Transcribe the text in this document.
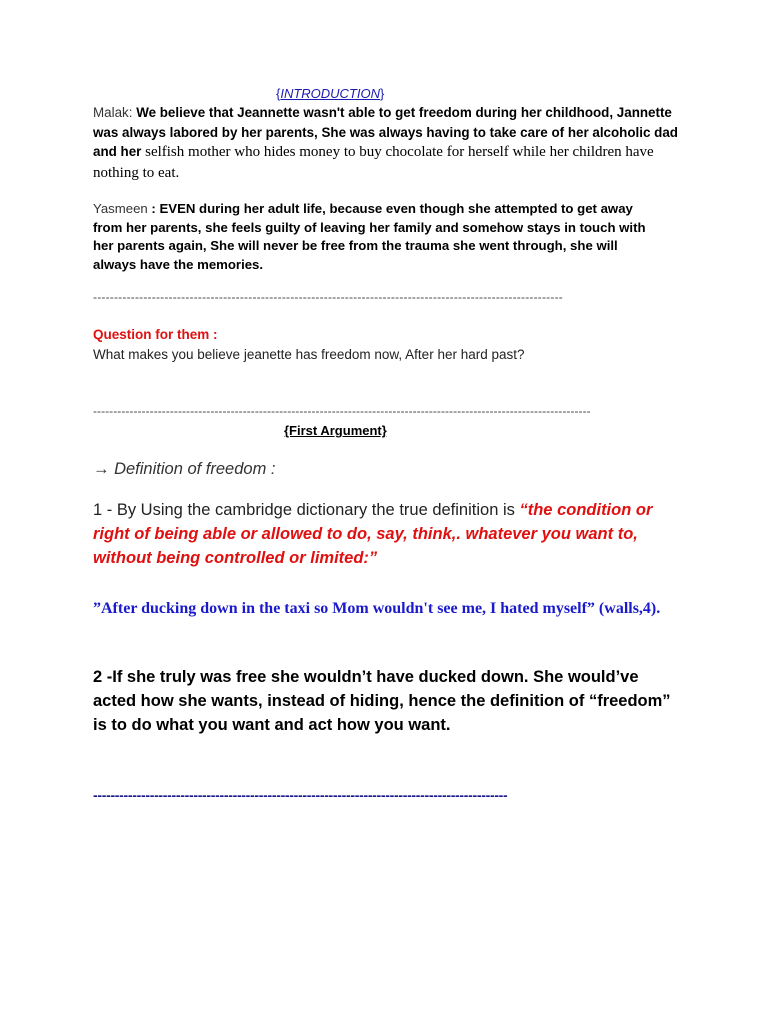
{INTRODUCTION}
Malak: We believe that Jeannette wasn't able to get freedom during her childhood, Jannette was always labored by her parents, She was always having to take care of her alcoholic dad and her selfish mother who hides money to buy chocolate for herself while her children have nothing to eat.
Yasmeen : EVEN during her adult life, because even though she attempted to get away from her parents, she feels guilty of leaving her family and somehow stays in touch with her parents again, She will never be free from the trauma she went through, she will always have the memories.
----------------------------------------------------------------------------------------------------------------
Question for them :
What makes you believe jeanette has freedom now, After her hard past?
---------------------------------------------------------------------------------------------------------------------------
{First Argument}
→ Definition of freedom :
1 - By Using the cambridge dictionary the true definition is “the condition or right of being able or allowed to do, say, think,. whatever you want to, without being controlled or limited:”
”After ducking down in the taxi so Mom wouldn't see me, I hated myself” (walls,4).
2 -If she truly was free she wouldn’t have ducked down. She would’ve acted how she wants, instead of hiding, hence the definition of “freedom” is to do what you want and act how you want.
-----------------------------------------------------------------------------------------------
